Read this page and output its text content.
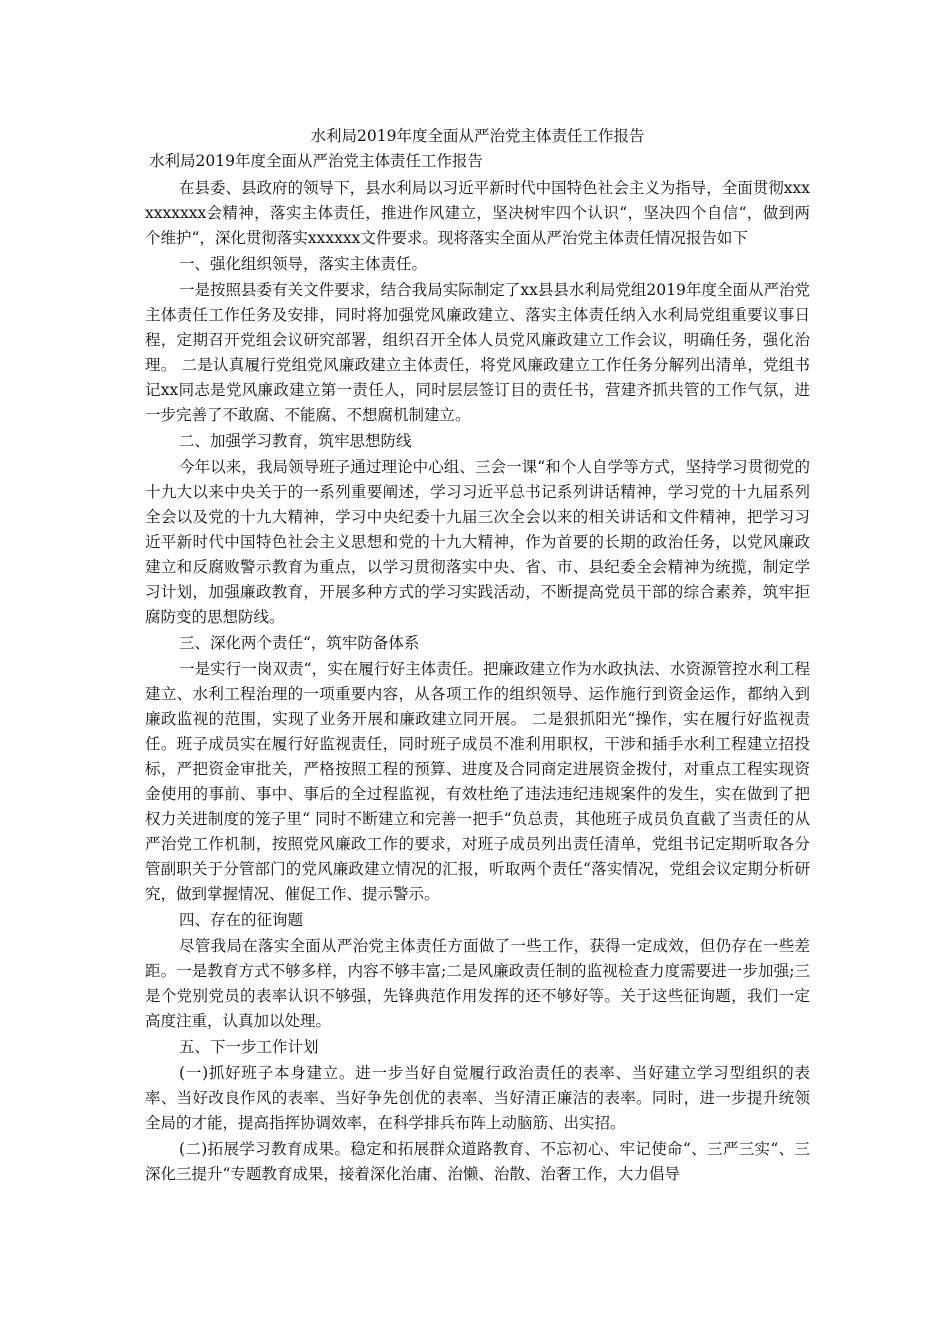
水利局2019年度全面从严治党主体责任工作报告
水利局2019年度全面从严治党主体责任工作报告

在县委、县政府的领导下，县水利局以习近平新时代中国特色社会主义为指导，全面贯彻xxxxxxxxxx会精神，落实主体责任，推进作风建立，坚决树牢四个认识“，坚决四个自信“，做到两个维护“，深化贯彻落实xxxxxx文件要求。现将落实全面从严治党主体责任情况报告如下

一、强化组织领导，落实主体责任。

一是按照县委有关文件要求，结合我局实际制定了xx县县水利局党组2019年度全面从严治党主体责任工作任务及安排，同时将加强党风廉政建立、落实主体责任纳入水利局党组重要议事日程，定期召开党组会议研究部署，组织召开全体人员党风廉政建立工作会议，明确任务，强化治理。 二是认真履行党组党风廉政建立主体责任，将党风廉政建立工作任务分解列出清单，党组书记xx同志是党风廉政建立第一责任人，同时层层签订目的责任书，营建齐抓共管的工作气氛，进一步完善了不敢腐、不能腐、不想腐机制建立。

二、加强学习教育，筑牢思想防线

今年以来，我局领导班子通过理论中心组、三会一课“和个人自学等方式，坚持学习贯彻党的十九大以来中央关于的一系列重要阐述，学习习近平总书记系列讲话精神，学习党的十九届系列全会以及党的十九大精神，学习中央纪委十九届三次全会以来的相关讲话和文件精神，把学习习近平新时代中国特色社会主义思想和党的十九大精神，作为首要的长期的政治任务，以党风廉政建立和反腐败警示教育为重点，以学习贯彻落实中央、省、市、县纪委全会精神为统揽，制定学习计划，加强廉政教育，开展多种方式的学习实践活动，不断提高党员干部的综合素养，筑牢拒腐防变的思想防线。

三、深化两个责任“，筑牢防备体系

一是实行一岗双责“，实在履行好主体责任。把廉政建立作为水政执法、水资源管控水利工程建立、水利工程治理的一项重要内容，从各项工作的组织领导、运作施行到资金运作，都纳入到廉政监视的范围，实现了业务开展和廉政建立同开展。 二是狠抓阳光“操作，实在履行好监视责任。班子成员实在履行好监视责任，同时班子成员不准利用职权，干涉和插手水利工程建立招投标，严把资金审批关，严格按照工程的预算、进度及合同商定进展资金拨付，对重点工程实现资金使用的事前、事中、事后的全过程监视，有效杜绝了违法违纪违规案件的发生，实在做到了把权力关进制度的笼子里“ 同时不断建立和完善一把手“负总责，其他班子成员负直截了当责任的从严治党工作机制，按照党风廉政工作的要求，对班子成员列出责任清单，党组书记定期听取各分管副职关于分管部门的党风廉政建立情况的汇报，听取两个责任“落实情况，党组会议定期分析研究，做到掌握情况、催促工作、提示警示。

四、存在的征询题

尽管我局在落实全面从严治党主体责任方面做了一些工作，获得一定成效，但仍存在一些差距。一是教育方式不够多样，内容不够丰富;二是风廉政责任制的监视检查力度需要进一步加强;三是个党别党员的表率认识不够强，先锋典范作用发挥的还不够好等。关于这些征询题，我们一定高度注重，认真加以处理。

五、下一步工作计划

(一)抓好班子本身建立。进一步当好自觉履行政治责任的表率、当好建立学习型组织的表率、当好改良作风的表率、当好争先创优的表率、当好清正廉洁的表率。同时，进一步提升统领全局的才能，提高指挥协调效率，在科学排兵布阵上动脑筋、出实招。

(二)拓展学习教育成果。稳定和拓展群众道路教育、不忘初心、牢记使命“、三严三实“、三深化三提升“专题教育成果，接着深化治庸、治懒、治散、治奢工作，大力倡导
